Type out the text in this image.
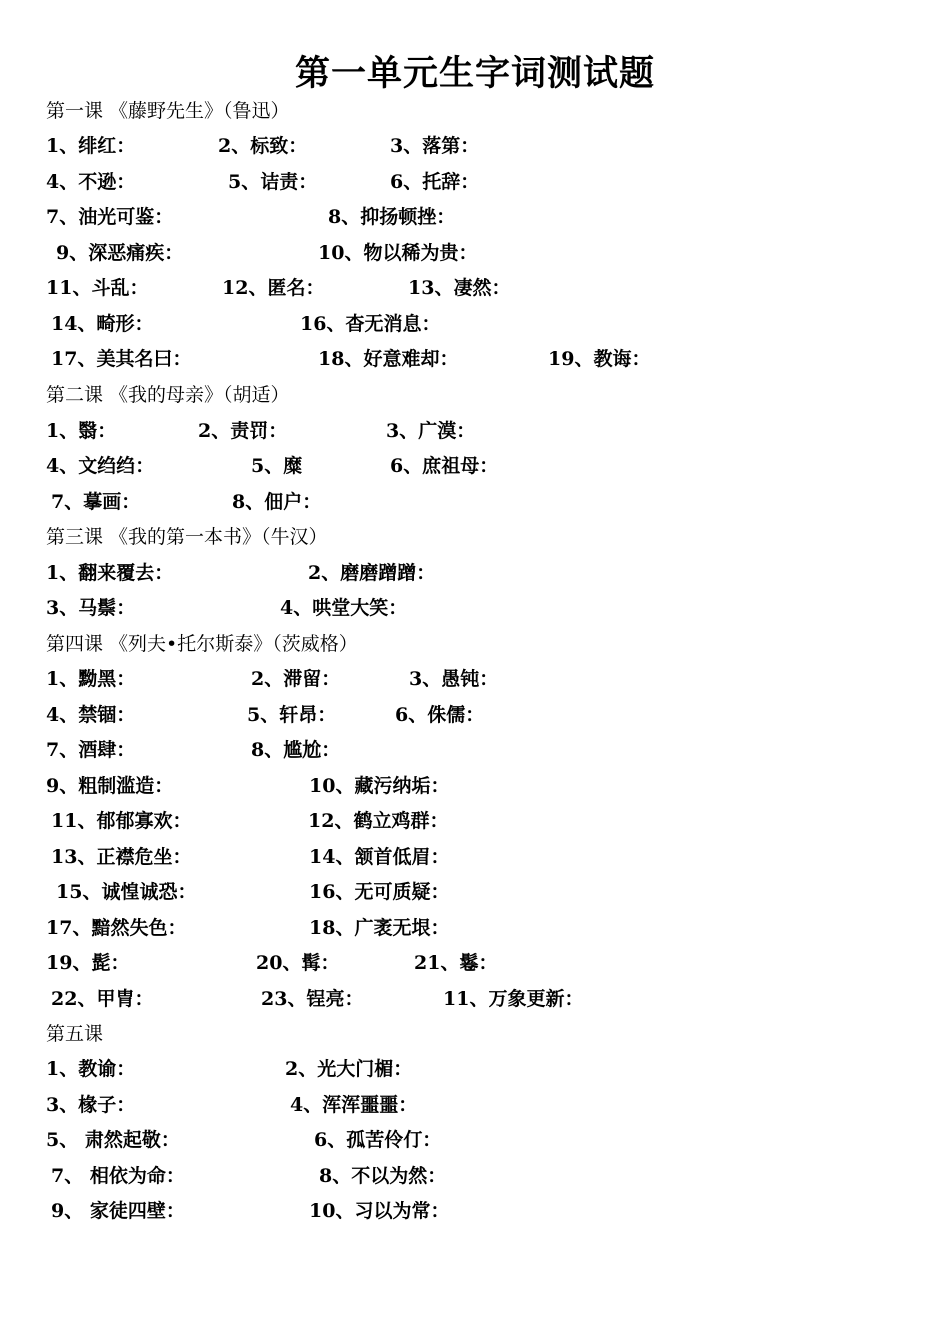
第一单元生字词测试题
第一课 《藤野先生》（鲁迅）
1、绯红：	2、标致：	3、落第：
4、不逊：	5、诘责：	6、托辞：
7、油光可鉴：	8、抑扬顿挫：
9、深恶痛疾：	10、物以稀为贵：
11、斗乱：	12、匿名：	13、凄然：
14、畸形：	16、杳无消息：
17、美其名曰：	18、好意难却：	19、教诲：
第二课 《我的母亲》（胡适）
1、翳：	2、责罚：	3、广漠：
4、文绉绉：	5、糜	6、庶祖母：
7、摹画：	8、佃户：
第三课 《我的第一本书》（牛汉）
1、翻来覆去：	2、磨磨蹭蹭：
3、马鬃：	4、哄堂大笑：
第四课 《列夫•托尔斯泰》（茨威格）
1、黝黑：	2、滞留：	3、愚钝：
4、禁锢：	5、轩昂：	6、侏儒：
7、酒肆：	8、尴尬：
9、粗制滥造：	10、藏污纳垢：
11、郁郁寡欢：	12、鹤立鸡群：
13、正襟危坐：	14、颔首低眉：
15、诚惶诚恐：	16、无可质疑：
17、黯然失色：	18、广袤无垠：
19、髭：	20、髯：	21、鬈：
22、甲胄：	23、锃亮：	11、万象更新：
第五课
1、教谕：	2、光大门楣：
3、椽子：	4、浑浑噩噩：
5、 肃然起敬：	6、孤苦伶仃：
7、 相依为命：	8、不以为然：
9、 家徒四壁：	10、习以为常：
